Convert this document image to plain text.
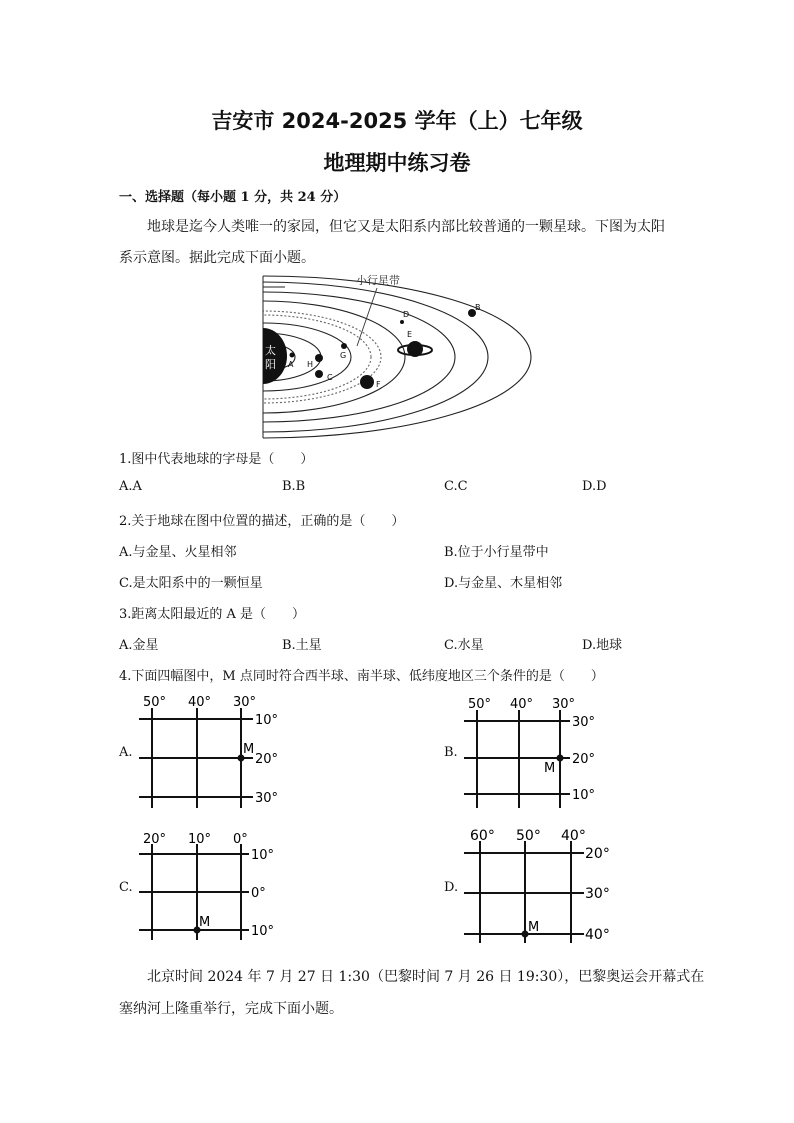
吉安市 2024-2025 学年（上）七年级
地理期中练习卷
一、选择题（每小题 1 分，共 24 分）
地球是迄今人类唯一的家园，但它又是太阳系内部比较普通的一颗星球。下图为太阳
系示意图。据此完成下面小题。
太
阳
小行星带
A H
C
G
D
E
F
B
1.图中代表地球的字母是（　　）
A.A	B.B	C.C	D.D
2.关于地球在图中位置的描述，正确的是（　　）
A.与金星、火星相邻	B.位于小行星带中
C.是太阳系中的一颗恒星	D.与金星、木星相邻
3.距离太阳最近的 A 是（　　）
A.金星	B.土星	C.水星	D.地球
4.下面四幅图中，M 点同时符合西半球、南半球、低纬度地区三个条件的是（　　）
A.
50° 40° 30°
10°
20°
30°
M	B.
50° 40° 30°
30°
20°
10°
M
C.
20° 10° 0°
10°
0°
10°
M
D.
60° 50° 40°
20°
30°
40°
M
北京时间 2024 年 7 月 27 日 1:30（巴黎时间 7 月 26 日 19:30），巴黎奥运会开幕式在
塞纳河上隆重举行，完成下面小题。
